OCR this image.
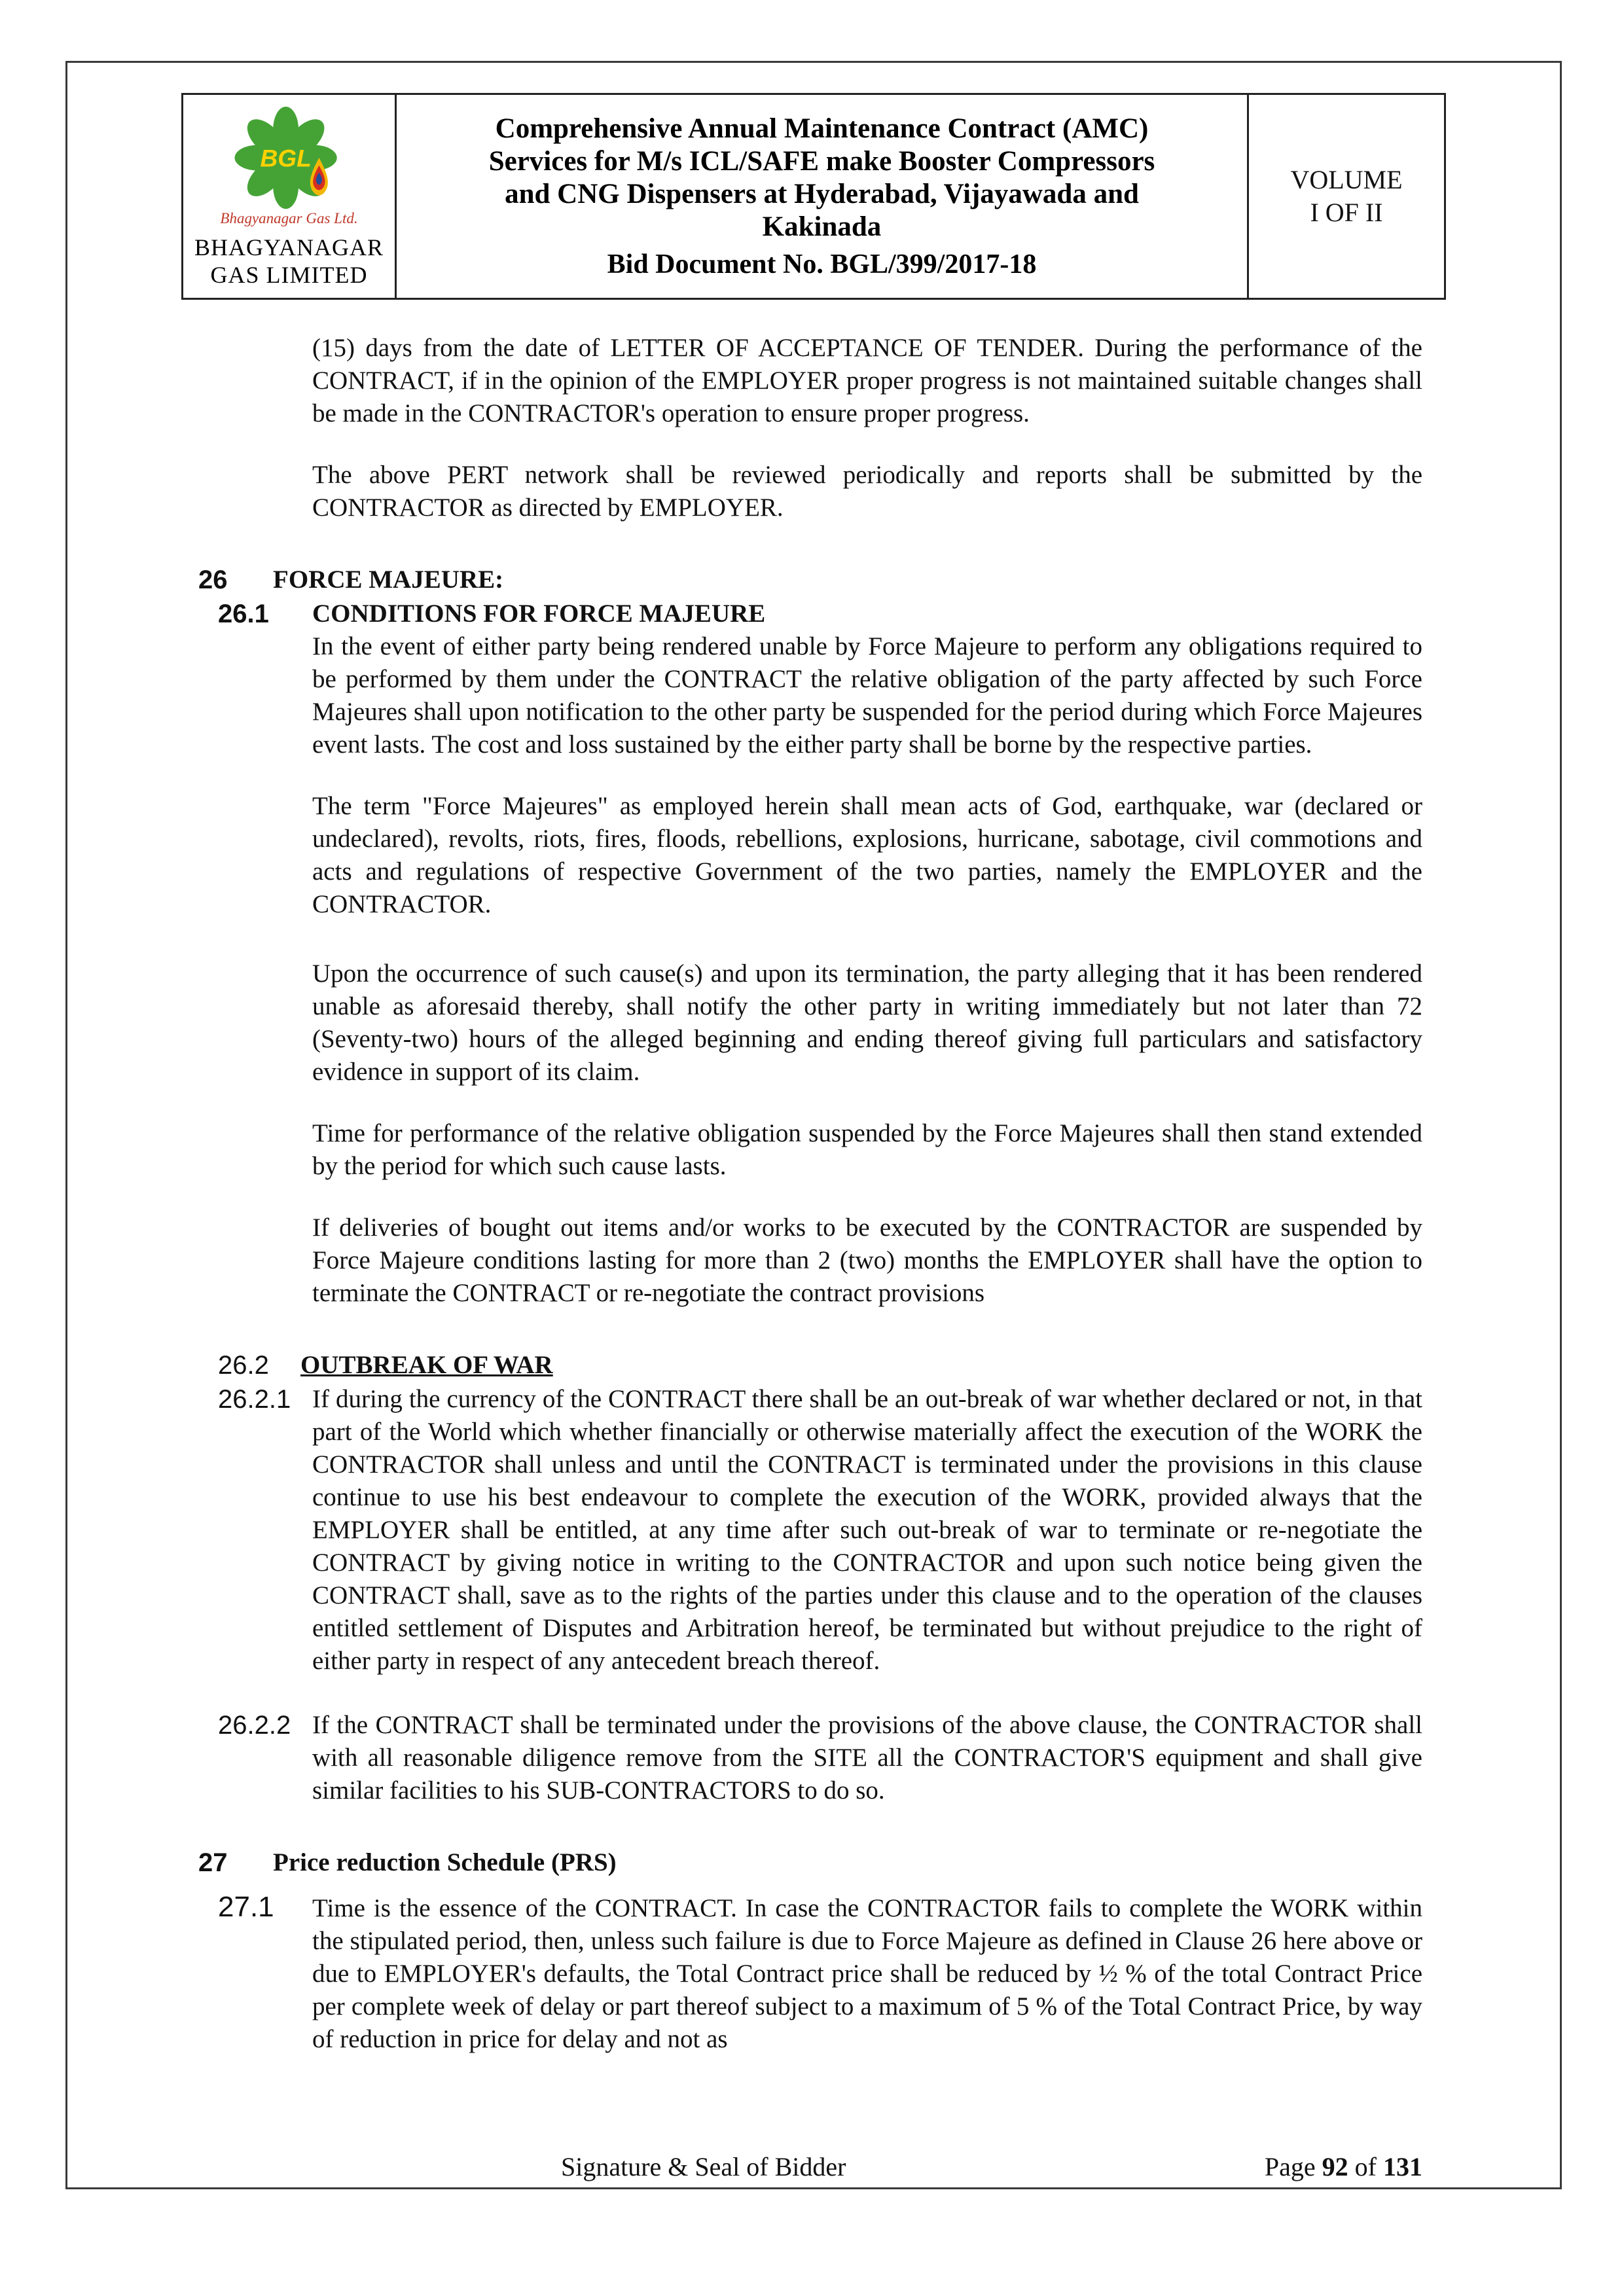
BGL
Bhagyanagar Gas Ltd.
BHAGYANAGAR
GAS LIMITED
Comprehensive Annual Maintenance Contract (AMC)
Services for M/s ICL/SAFE make Booster Compressors
and CNG Dispensers at Hyderabad, Vijayawada and
Kakinada
Bid Document No. BGL/399/2017-18
VOLUME
I OF II

(15) days from the date of LETTER OF ACCEPTANCE OF TENDER. During the performance of the CONTRACT, if in the opinion of the EMPLOYER proper progress is not maintained suitable changes shall be made in the CONTRACTOR's operation to ensure proper progress.

The above PERT network shall be reviewed periodically and reports shall be submitted by the CONTRACTOR as directed by EMPLOYER.

26 FORCE MAJEURE:
26.1 CONDITIONS FOR FORCE MAJEURE

In the event of either party being rendered unable by Force Majeure to perform any obligations required to be performed by them under the CONTRACT the relative obligation of the party affected by such Force Majeures shall upon notification to the other party be suspended for the period during which Force Majeures event lasts. The cost and loss sustained by the either party shall be borne by the respective parties.

The term "Force Majeures" as employed herein shall mean acts of God, earthquake, war (declared or undeclared), revolts, riots, fires, floods, rebellions, explosions, hurricane, sabotage, civil commotions and acts and regulations of respective Government of the two parties, namely the EMPLOYER and the CONTRACTOR.

Upon the occurrence of such cause(s) and upon its termination, the party alleging that it has been rendered unable as aforesaid thereby, shall notify the other party in writing immediately but not later than 72 (Seventy-two) hours of the alleged beginning and ending thereof giving full particulars and satisfactory evidence in support of its claim.

Time for performance of the relative obligation suspended by the Force Majeures shall then stand extended by the period for which such cause lasts.

If deliveries of bought out items and/or works to be executed by the CONTRACTOR are suspended by Force Majeure conditions lasting for more than 2 (two) months the EMPLOYER shall have the option to terminate the CONTRACT or re-negotiate the contract provisions

26.2 OUTBREAK OF WAR
26.2.1 If during the currency of the CONTRACT there shall be an out-break of war whether declared or not, in that part of the World which whether financially or otherwise materially affect the execution of the WORK the CONTRACTOR shall unless and until the CONTRACT is terminated under the provisions in this clause continue to use his best endeavour to complete the execution of the WORK, provided always that the EMPLOYER shall be entitled, at any time after such out-break of war to terminate or re-negotiate the CONTRACT by giving notice in writing to the CONTRACTOR and upon such notice being given the CONTRACT shall, save as to the rights of the parties under this clause and to the operation of the clauses entitled settlement of Disputes and Arbitration hereof, be terminated but without prejudice to the right of either party in respect of any antecedent breach thereof.

26.2.2 If the CONTRACT shall be terminated under the provisions of the above clause, the CONTRACTOR shall with all reasonable diligence remove from the SITE all the CONTRACTOR'S equipment and shall give similar facilities to his SUB-CONTRACTORS to do so.

27 Price reduction Schedule (PRS)
27.1 Time is the essence of the CONTRACT. In case the CONTRACTOR fails to complete the WORK within the stipulated period, then, unless such failure is due to Force Majeure as defined in Clause 26 here above or due to EMPLOYER's defaults, the Total Contract price shall be reduced by ½ % of the total Contract Price per complete week of delay or part thereof subject to a maximum of 5 % of the Total Contract Price, by way of reduction in price for delay and not as

Signature & Seal of Bidder	Page 92 of 131
